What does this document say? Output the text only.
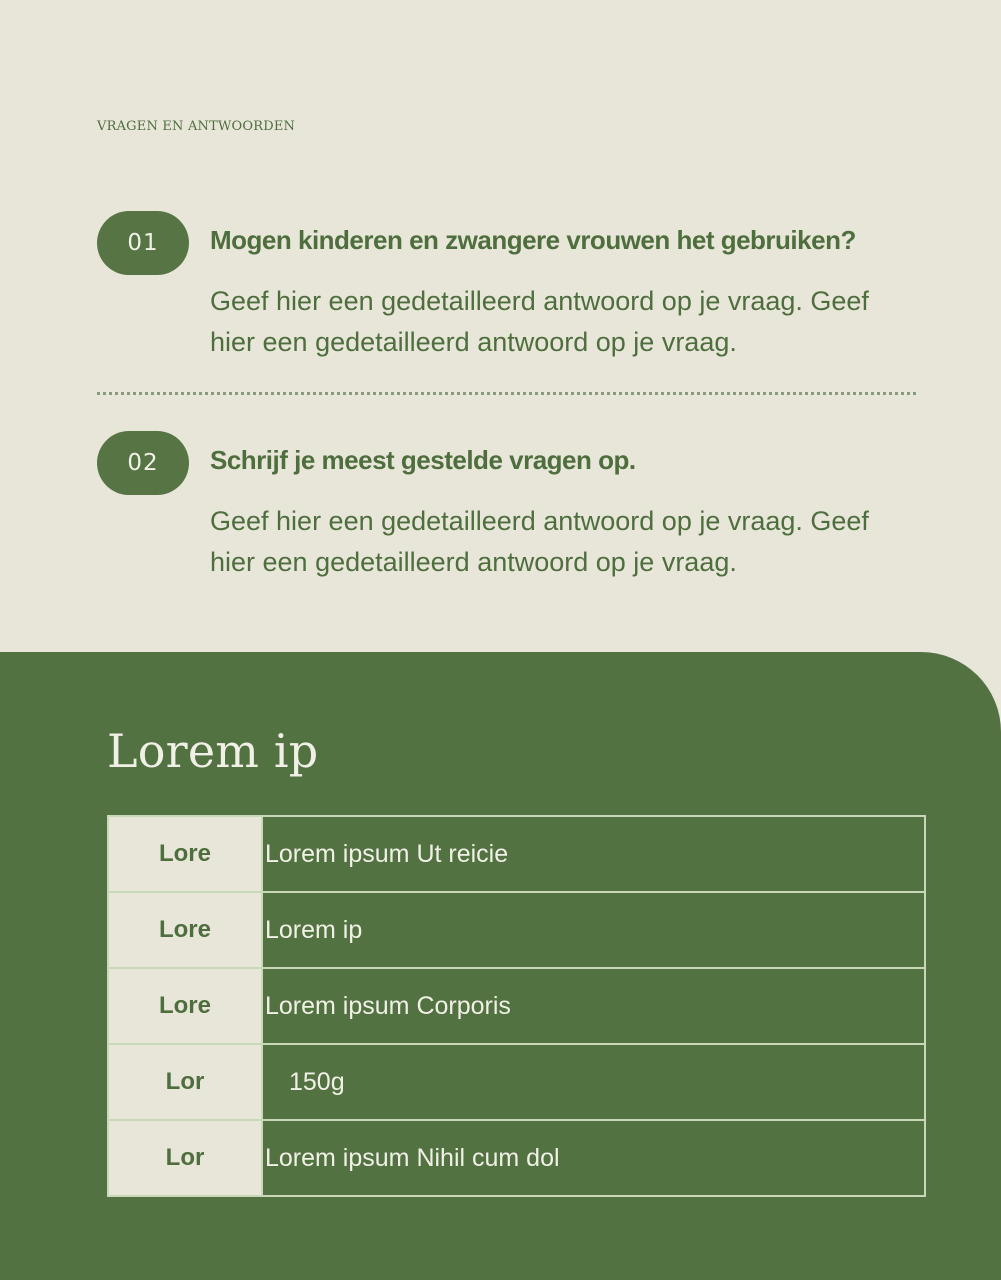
VRAGEN EN ANTWOORDEN
01	Mogen kinderen en zwangere vrouwen het gebruiken?
Geef hier een gedetailleerd antwoord op je vraag. Geef hier een gedetailleerd antwoord op je vraag.
02	Schrijf je meest gestelde vragen op.
Geef hier een gedetailleerd antwoord op je vraag. Geef hier een gedetailleerd antwoord op je vraag.
Lorem ip
Lore	Lorem ipsum Ut reicie
Lore	Lorem ip
Lore	Lorem ipsum Corporis
Lor	150g
Lor	Lorem ipsum Nihil cum dol
